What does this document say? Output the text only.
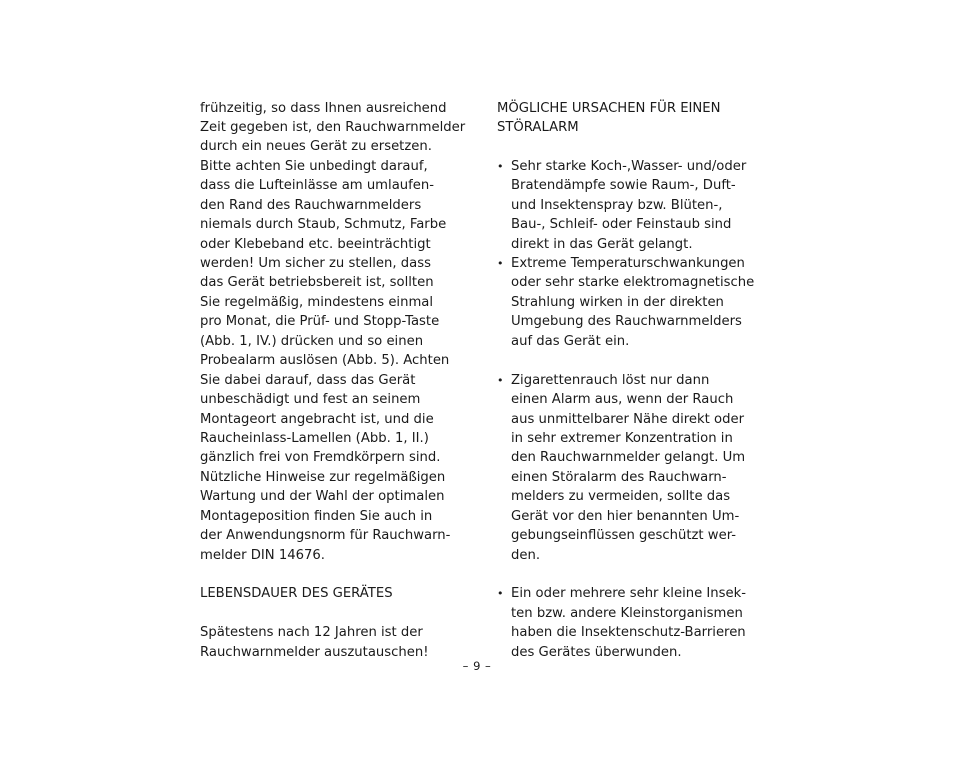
frühzeitig, so dass Ihnen ausreichend
Zeit gegeben ist, den Rauchwarnmelder
durch ein neues Gerät zu ersetzen.
Bitte achten Sie unbedingt darauf,
dass die Lufteinlässe am umlaufen-
den Rand des Rauchwarnmelders
niemals durch Staub, Schmutz, Farbe
oder Klebeband etc. beeinträchtigt
werden! Um sicher zu stellen, dass
das Gerät betriebsbereit ist, sollten
Sie regelmäßig, mindestens einmal
pro Monat, die Prüf- und Stopp-Taste
(Abb. 1, IV.) drücken und so einen
Probealarm auslösen (Abb. 5). Achten
Sie dabei darauf, dass das Gerät
unbeschädigt und fest an seinem
Montageort angebracht ist, und die
Raucheinlass-Lamellen (Abb. 1, II.)
gänzlich frei von Fremdkörpern sind.
Nützliche Hinweise zur regelmäßigen
Wartung und der Wahl der optimalen
Montageposition finden Sie auch in
der Anwendungsnorm für Rauchwarn-
melder DIN 14676.
LEBENSDAUER DES GERÄTES
Spätestens nach 12 Jahren ist der
Rauchwarnmelder auszutauschen!
MÖGLICHE URSACHEN FÜR EINEN
STÖRALARM
• Sehr starke Koch-,Wasser- und/oder
Bratendämpfe sowie Raum-, Duft-
und Insektenspray bzw. Blüten-,
Bau-, Schleif- oder Feinstaub sind
direkt in das Gerät gelangt.
• Extreme Temperaturschwankungen
oder sehr starke elektromagnetische
Strahlung wirken in der direkten
Umgebung des Rauchwarnmelders
auf das Gerät ein.
• Zigarettenrauch löst nur dann
einen Alarm aus, wenn der Rauch
aus unmittelbarer Nähe direkt oder
in sehr extremer Konzentration in
den Rauchwarnmelder gelangt. Um
einen Störalarm des Rauchwarn-
melders zu vermeiden, sollte das
Gerät vor den hier benannten Um-
gebungseinflüssen geschützt wer-
den.
• Ein oder mehrere sehr kleine Insek-
ten bzw. andere Kleinstorganismen
haben die Insektenschutz-Barrieren
des Gerätes überwunden.
– 9 –
